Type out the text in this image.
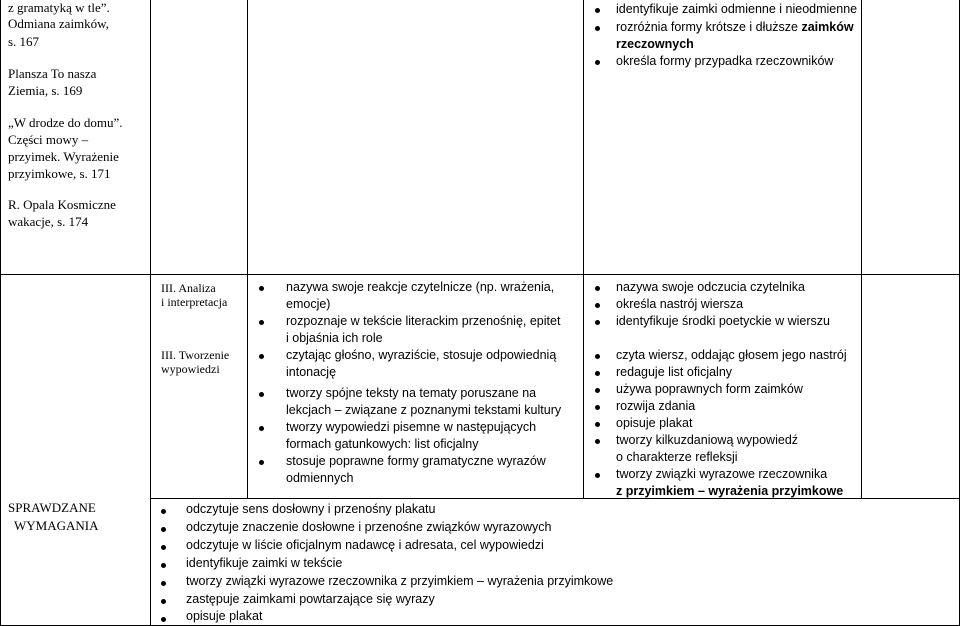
z gramatyką w tle”.
Odmiana zaimków,
s. 167
Plansza To nasza
Ziemia, s. 169
„W drodze do domu”.
Części mowy –
przyimek. Wyrażenie
przyimkowe, s. 171
R. Opala Kosmiczne
wakacje, s. 174
SPRAWDZANE
WYMAGANIA
identyfikuje zaimki odmienne i nieodmienne
rozróżnia formy krótsze i dłuższe zaimków
rzeczownych
określa formy przypadka rzeczowników
III. Analiza
i interpretacja
III. Tworzenie
wypowiedzi
nazywa swoje reakcje czytelnicze (np. wrażenia,
emocje)
rozpoznaje w tekście literackim przenośnię, epitet
i objaśnia ich role
czytając głośno, wyraziście, stosuje odpowiednią
intonację
tworzy spójne teksty na tematy poruszane na
lekcjach – związane z poznanymi tekstami kultury
tworzy wypowiedzi pisemne w następujących
formach gatunkowych: list oficjalny
stosuje poprawne formy gramatyczne wyrazów
odmiennych
nazywa swoje odczucia czytelnika
określa nastrój wiersza
identyfikuje środki poetyckie w wierszu
czyta wiersz, oddając głosem jego nastrój
redaguje list oficjalny
używa poprawnych form zaimków
rozwija zdania
opisuje plakat
tworzy kilkuzdaniową wypowiedź
o charakterze refleksji
tworzy związki wyrazowe rzeczownika
z przyimkiem – wyrażenia przyimkowe
odczytuje sens dosłowny i przenośny plakatu
odczytuje znaczenie dosłowne i przenośne związków wyrazowych
odczytuje w liście oficjalnym nadawcę i adresata, cel wypowiedzi
identyfikuje zaimki w tekście
tworzy związki wyrazowe rzeczownika z przyimkiem – wyrażenia przyimkowe
zastępuje zaimkami powtarzające się wyrazy
opisuje plakat
